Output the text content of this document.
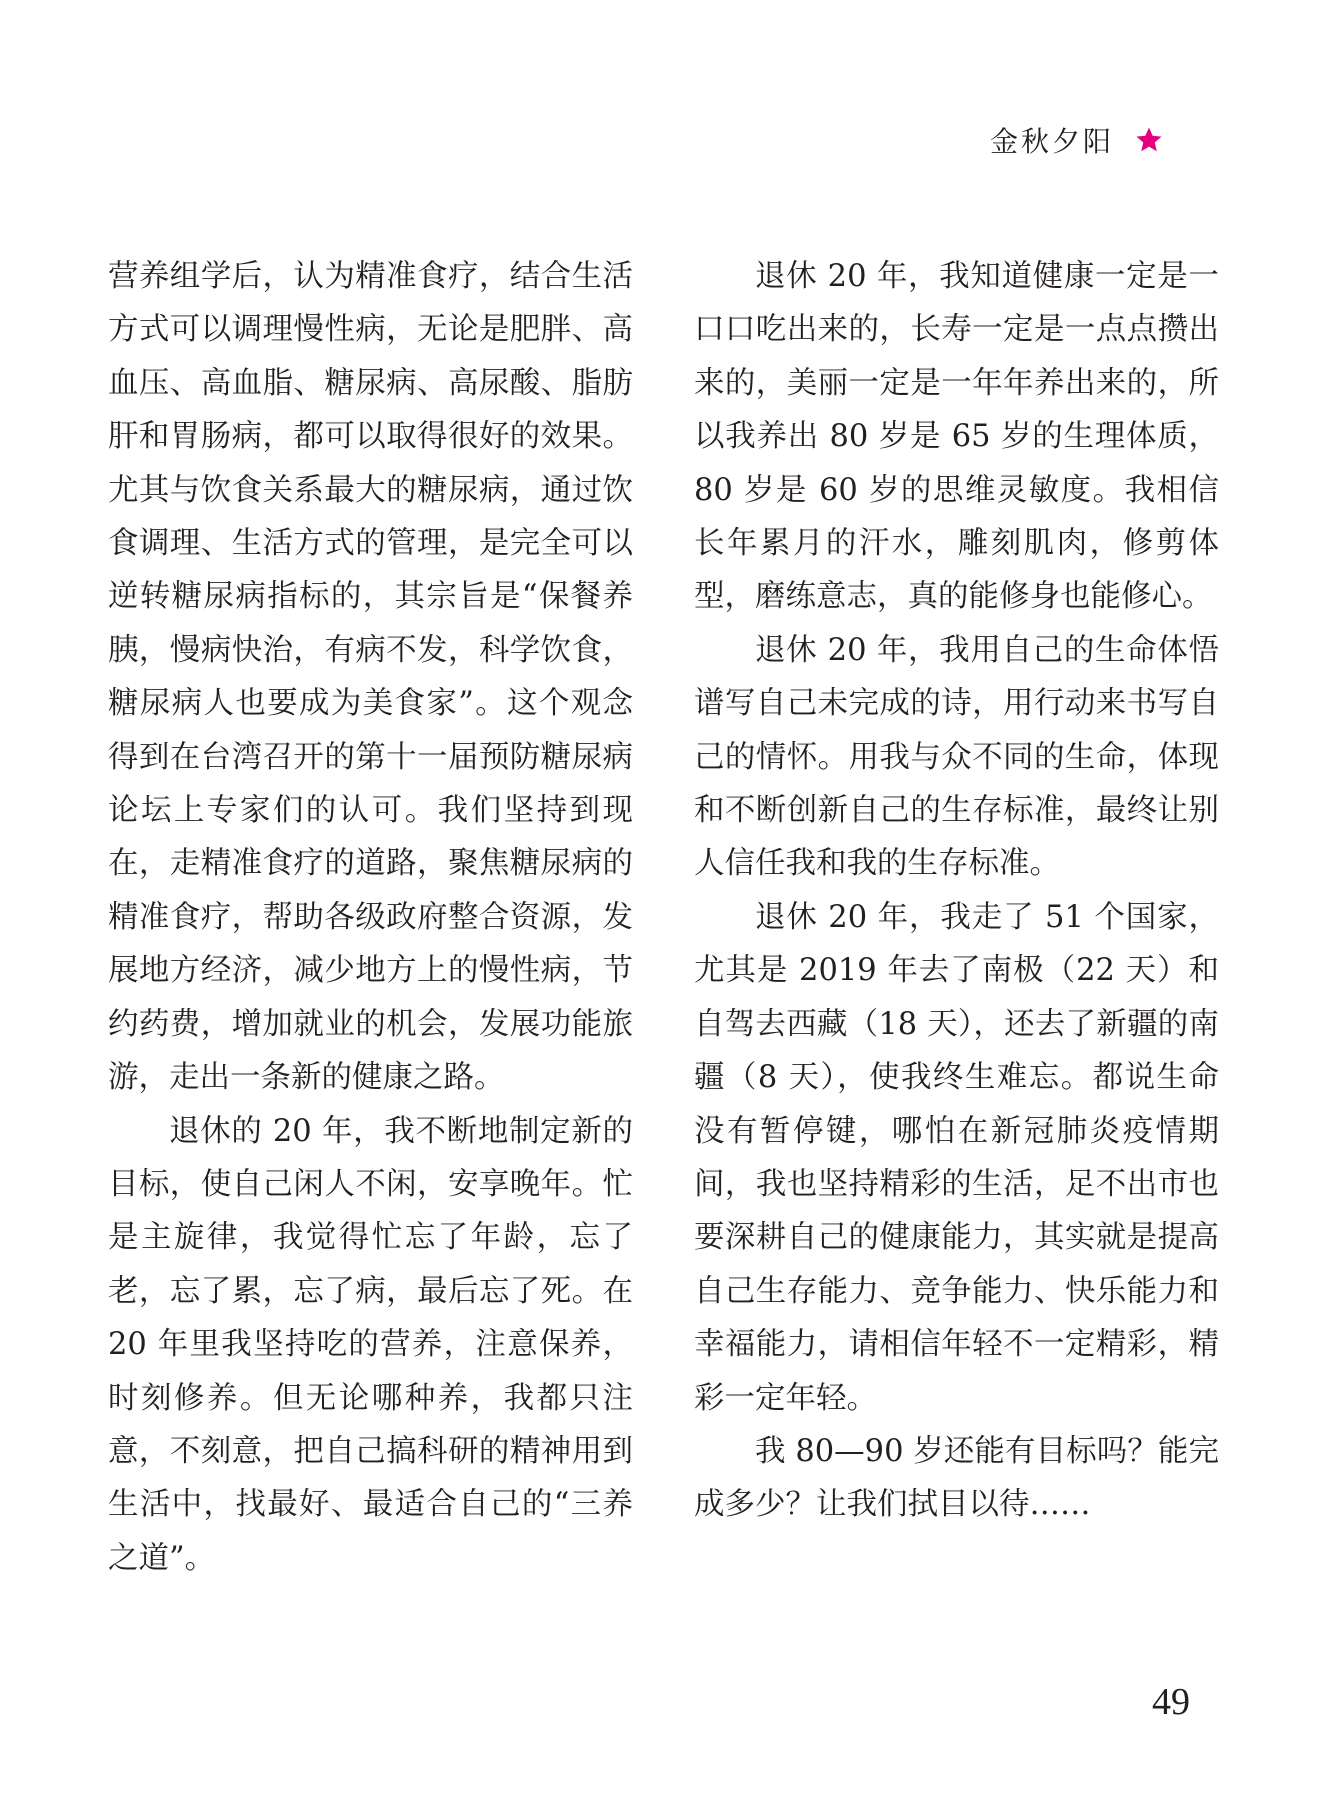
金秋夕阳

营养组学后，认为精准食疗，结合生活方式可以调理慢性病，无论是肥胖、高血压、高血脂、糖尿病、高尿酸、脂肪肝和胃肠病，都可以取得很好的效果。尤其与饮食关系最大的糖尿病，通过饮食调理、生活方式的管理，是完全可以逆转糖尿病指标的，其宗旨是“保餐养胰，慢病快治，有病不发，科学饮食，糖尿病人也要成为美食家”。这个观念得到在台湾召开的第十一届预防糖尿病论坛上专家们的认可。我们坚持到现在，走精准食疗的道路，聚焦糖尿病的精准食疗，帮助各级政府整合资源，发展地方经济，减少地方上的慢性病，节约药费，增加就业的机会，发展功能旅游，走出一条新的健康之路。

退休的 20 年，我不断地制定新的目标，使自己闲人不闲，安享晚年。忙是主旋律，我觉得忙忘了年龄，忘了老，忘了累，忘了病，最后忘了死。在 20 年里我坚持吃的营养，注意保养，时刻修养。但无论哪种养，我都只注意，不刻意，把自己搞科研的精神用到生活中，找最好、最适合自己的“三养之道”。

退休 20 年，我知道健康一定是一口口吃出来的，长寿一定是一点点攒出来的，美丽一定是一年年养出来的，所以我养出 80 岁是 65 岁的生理体质，80 岁是 60 岁的思维灵敏度。我相信长年累月的汗水，雕刻肌肉，修剪体型，磨练意志，真的能修身也能修心。

退休 20 年，我用自己的生命体悟谱写自己未完成的诗，用行动来书写自己的情怀。用我与众不同的生命，体现和不断创新自己的生存标准，最终让别人信任我和我的生存标准。

退休 20 年，我走了 51 个国家，尤其是 2019 年去了南极（22 天）和自驾去西藏（18 天），还去了新疆的南疆（8 天），使我终生难忘。都说生命没有暂停键，哪怕在新冠肺炎疫情期间，我也坚持精彩的生活，足不出市也要深耕自己的健康能力，其实就是提高自己生存能力、竞争能力、快乐能力和幸福能力，请相信年轻不一定精彩，精彩一定年轻。

我 80—90 岁还能有目标吗？能完成多少？让我们拭目以待……

49
